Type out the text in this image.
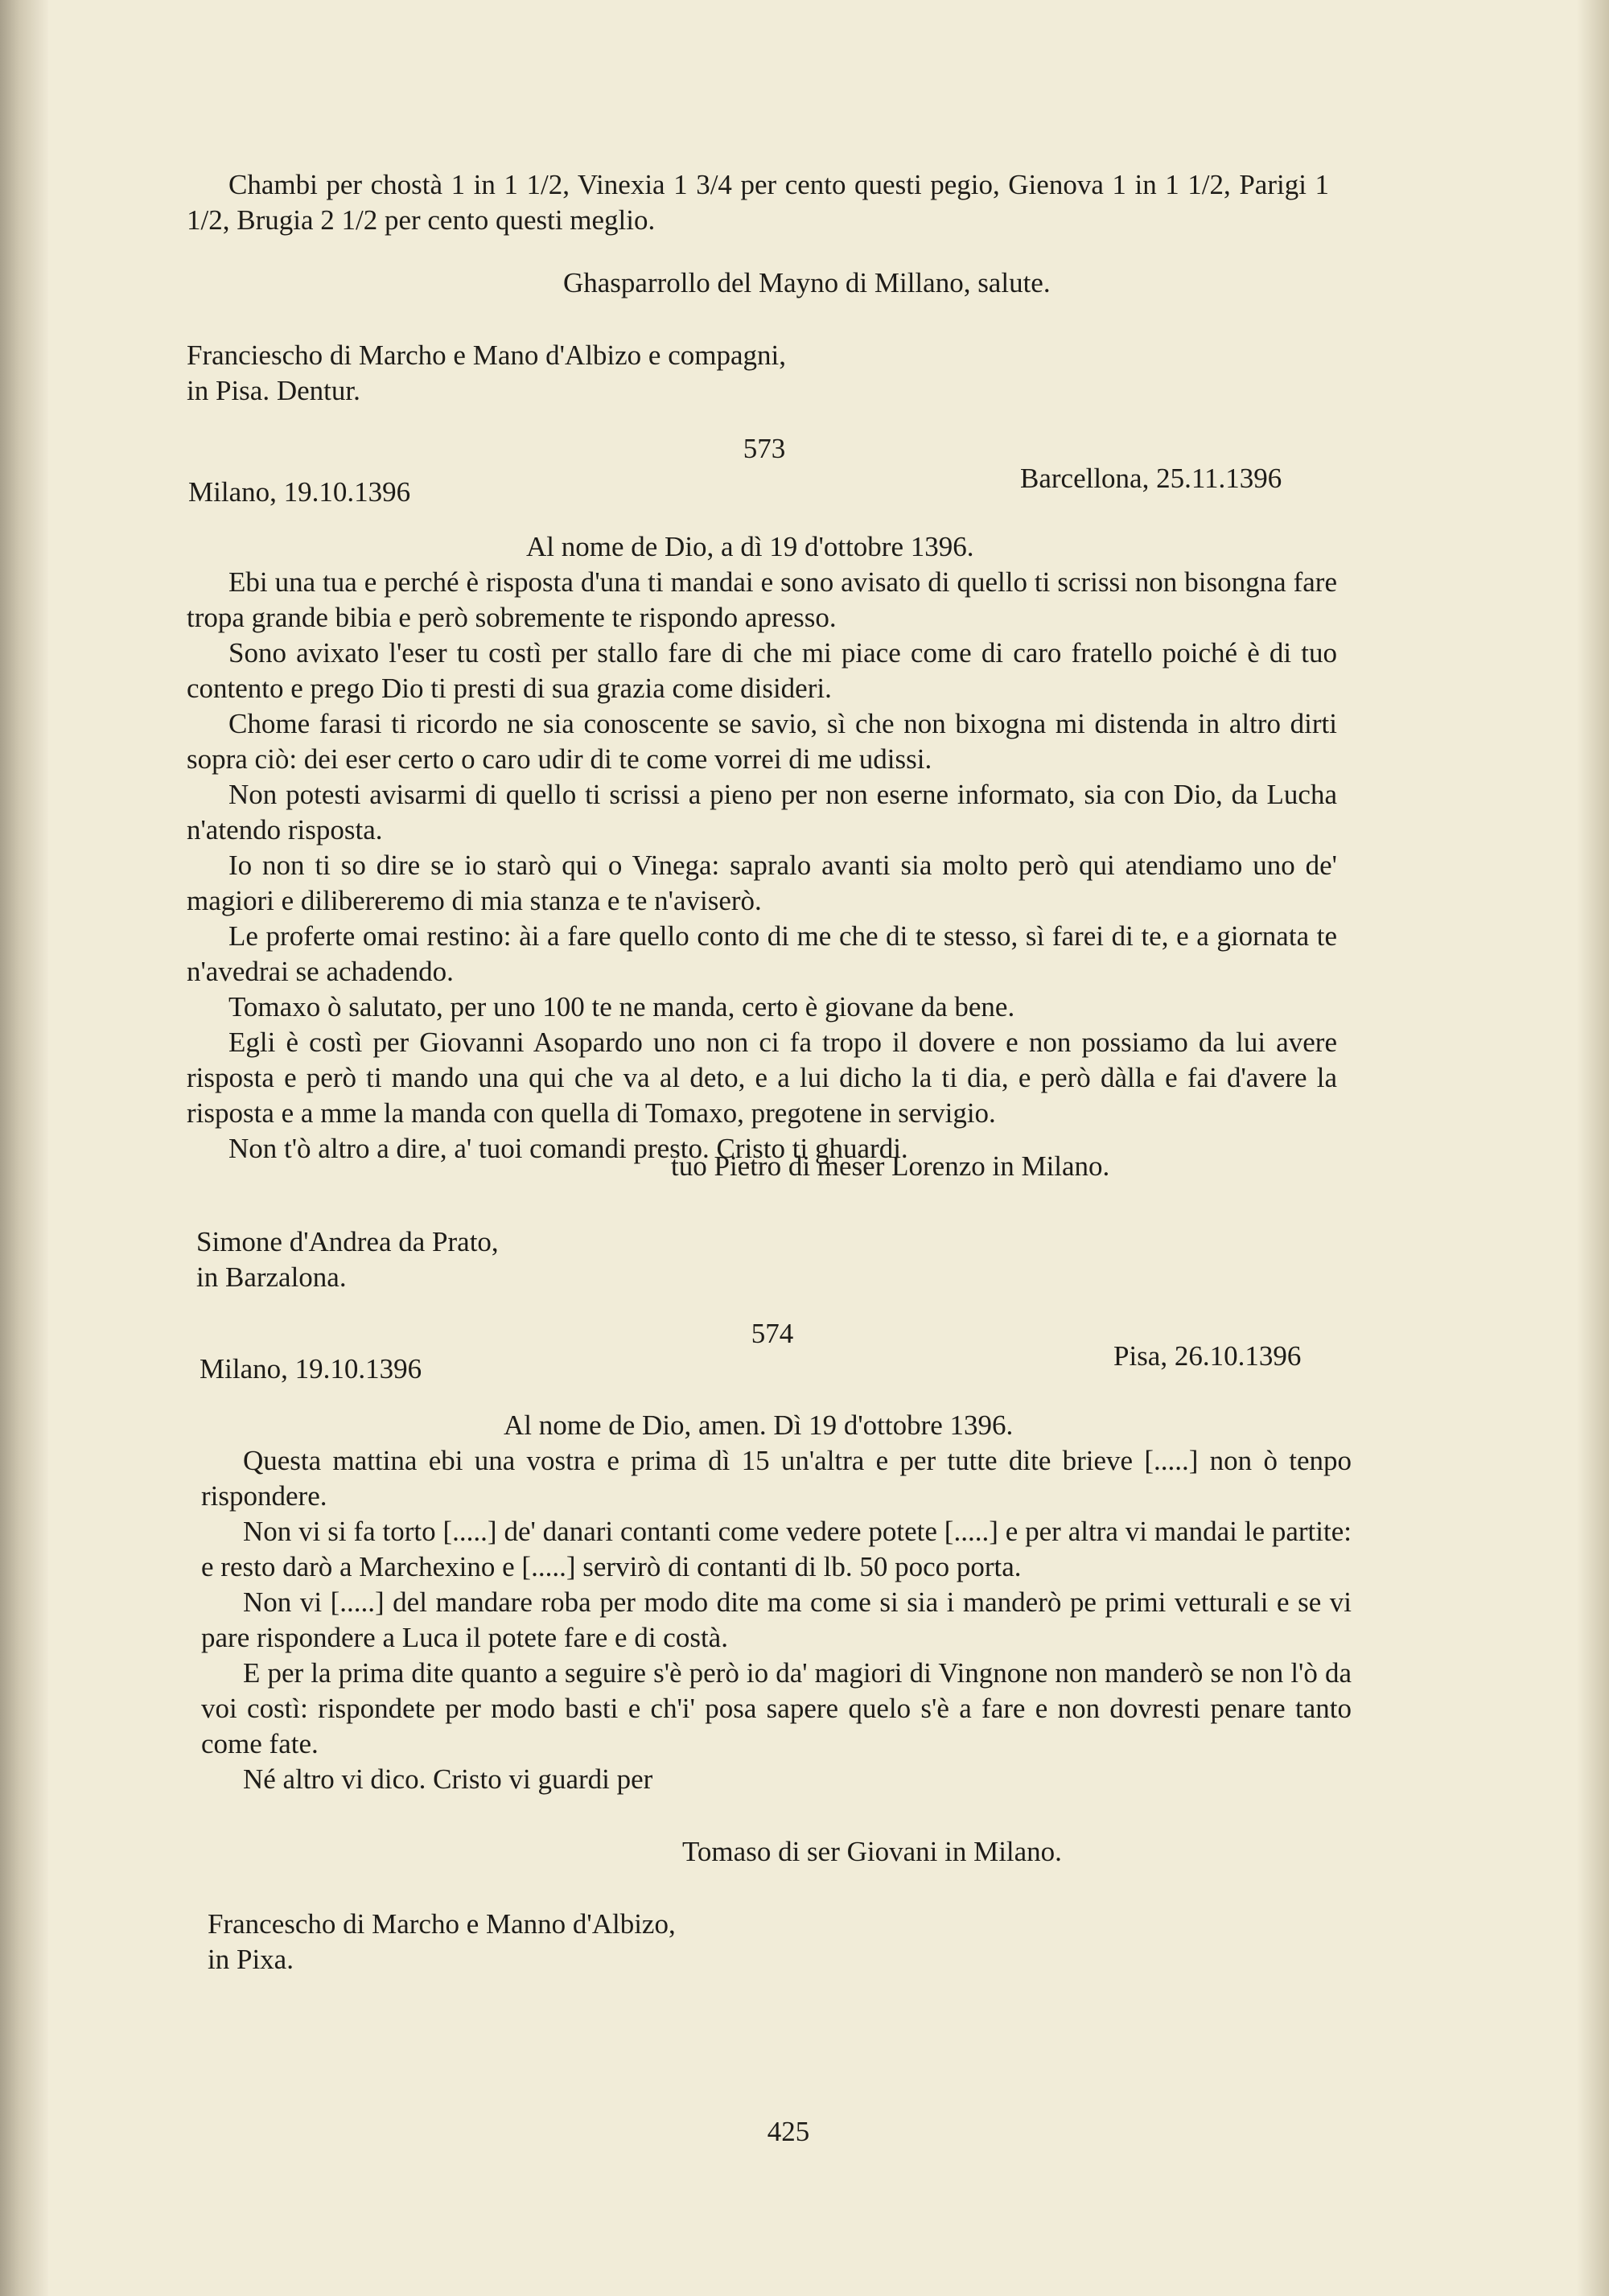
Chambi per chostà 1 in 1 1/2, Vinexia 1 3/4 per cento questi pegio, Gienova 1 in 1 1/2, Parigi 1 1/2, Brugia 2 1/2 per cento questi meglio.

Ghasparrollo del Mayno di Millano, salute.
Francieschо di Marcho e Mano d'Albizo e compagni,
in Pisa. Dentur.
573
Milano, 19.10.1396	Barcellona, 25.11.1396
Al nome de Dio, a dì 19 d'ottobre 1396.

Ebi una tua e perché è risposta d'una ti mandai e sono avisato di quello ti scrissi non bisongna fare tropa grande bibia e però sobremente te rispondo apresso.

Sono avixato l'eser tu costì per stallo fare di che mi piace come di caro fratello poiché è di tuo contento e prego Dio ti presti di sua grazia come disideri.

Chome farasi ti ricordo ne sia conoscente se savio, sì che non bixogna mi distenda in altro dirti sopra ciò: dei eser certo o caro udir di te come vorrei di me udissi.

Non potesti avisarmi di quello ti scrissi a pieno per non eserne informato, sia con Dio, da Lucha n'atendo risposta.

Io non ti so dire se io starò qui o Vinega: sapralo avanti sia molto però qui atendiamo uno de' magiori e dilibereremo di mia stanza e te n'aviserò.

Le proferte omai restino: ài a fare quello conto di me che di te stesso, sì farei di te, e a giornata te n'avedrai se achadendo.

Tomaxo ò salutato, per uno 100 te ne manda, certo è giovane da bene.

Egli è costì per Giovanni Asopardo uno non ci fa tropo il dovere e non possiamo da lui avere risposta e però ti mando una qui che va al deto, e a lui dicho la ti dia, e però dàlla e fai d'avere la risposta e a mme la manda con quella di Tomaxo, pregotene in servigio.

Non t'ò altro a dire, a' tuoi comandi presto. Cristo ti ghuardi.

tuo Pietro di meser Lorenzo in Milano.
Simone d'Andrea da Prato,
in Barzalona.
574
Milano, 19.10.1396	Pisa, 26.10.1396
Al nome de Dio, amen. Dì 19 d'ottobre 1396.

Questa mattina ebi una vostra e prima dì 15 un'altra e per tutte dite brieve [.....] non ò tenpo rispondere.

Non vi si fa torto [.....] de' danari contanti come vedere potete [.....] e per altra vi mandai le partite: e resto darò a Marchexino e [.....] servirò di contanti di lb. 50 poco porta.

Non vi [.....] del mandare roba per modo dite ma come si sia i manderò pe primi vetturali e se vi pare rispondere a Luca il potete fare e di costà.

E per la prima dite quanto a seguire s'è però io da' magiori di Vingnone non manderò se non l'ò da voi costì: rispondete per modo basti e ch'i' posa sapere quelo s'è a fare e non dovresti penare tanto come fate.

Né altro vi dico. Cristo vi guardi per

Tomaso di ser Giovani in Milano.
Francescho di Marcho e Manno d'Albizo,
in Pixa.
425
